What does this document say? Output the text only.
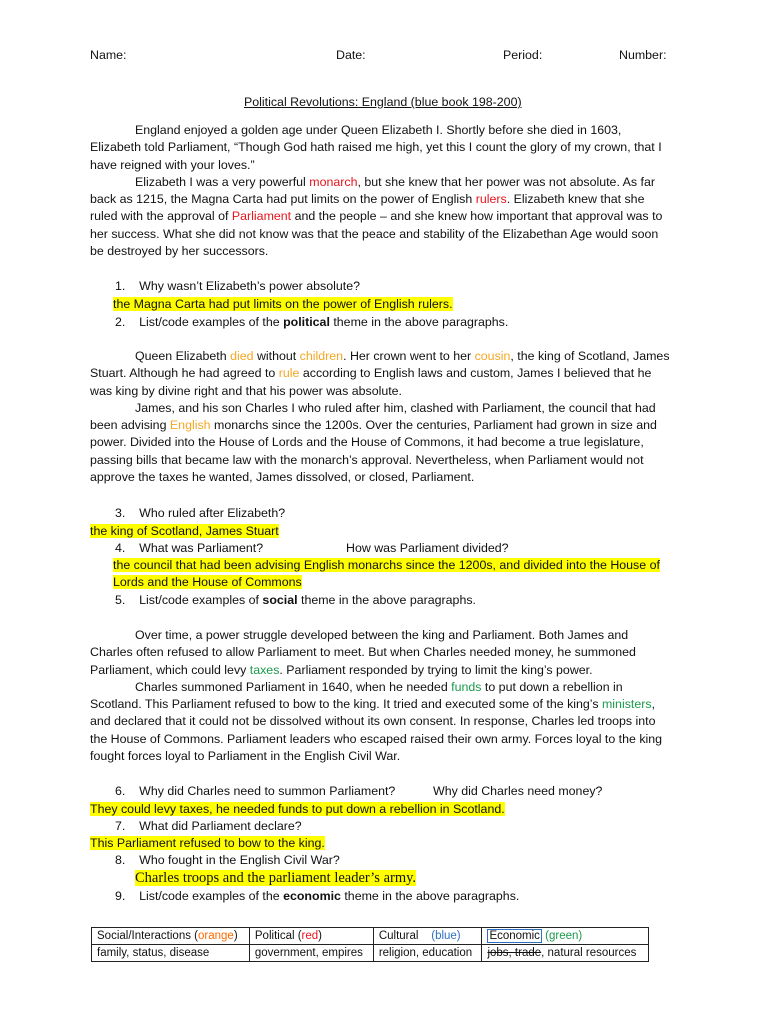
Name:	Date:	Period:	Number:
Political Revolutions: England (blue book 198-200)

England enjoyed a golden age under Queen Elizabeth I. Shortly before she died in 1603, Elizabeth told Parliament, “Though God hath raised me high, yet this I count the glory of my crown, that I have reigned with your loves.”

Elizabeth I was a very powerful monarch, but she knew that her power was not absolute. As far back as 1215, the Magna Carta had put limits on the power of English rulers. Elizabeth knew that she ruled with the approval of Parliament and the people – and she knew how important that approval was to her success. What she did not know was that the peace and stability of the Elizabethan Age would soon be destroyed by her successors.

1. Why wasn’t Elizabeth’s power absolute?
the Magna Carta had put limits on the power of English rulers.
2. List/code examples of the political theme in the above paragraphs.

Queen Elizabeth died without children. Her crown went to her cousin, the king of Scotland, James Stuart. Although he had agreed to rule according to English laws and custom, James I believed that he was king by divine right and that his power was absolute.

James, and his son Charles I who ruled after him, clashed with Parliament, the council that had been advising English monarchs since the 1200s. Over the centuries, Parliament had grown in size and power. Divided into the House of Lords and the House of Commons, it had become a true legislature, passing bills that became law with the monarch’s approval. Nevertheless, when Parliament would not approve the taxes he wanted, James dissolved, or closed, Parliament.

3. Who ruled after Elizabeth?
the king of Scotland, James Stuart
4. What was Parliament?	How was Parliament divided?
the council that had been advising English monarchs since the 1200s, and divided into the House of
Lords and the House of Commons
5. List/code examples of social theme in the above paragraphs.

Over time, a power struggle developed between the king and Parliament. Both James and Charles often refused to allow Parliament to meet. But when Charles needed money, he summoned Parliament, which could levy taxes. Parliament responded by trying to limit the king’s power.

Charles summoned Parliament in 1640, when he needed funds to put down a rebellion in Scotland. This Parliament refused to bow to the king. It tried and executed some of the king’s ministers, and declared that it could not be dissolved without its own consent. In response, Charles led troops into the House of Commons. Parliament leaders who escaped raised their own army. Forces loyal to the king fought forces loyal to Parliament in the English Civil War.

6. Why did Charles need to summon Parliament?	Why did Charles need money?
They could levy taxes, he needed funds to put down a rebellion in Scotland.
7. What did Parliament declare?
This Parliament refused to bow to the king.
8. Who fought in the English Civil War?
Charles troops and the parliament leader’s army.
9. List/code examples of the economic theme in the above paragraphs.
Social/Interactions (orange)	Political (red)	Cultural (blue)	Economic (green)
family, status, disease	government, empires	religion, education	jobs, trade, natural resources
